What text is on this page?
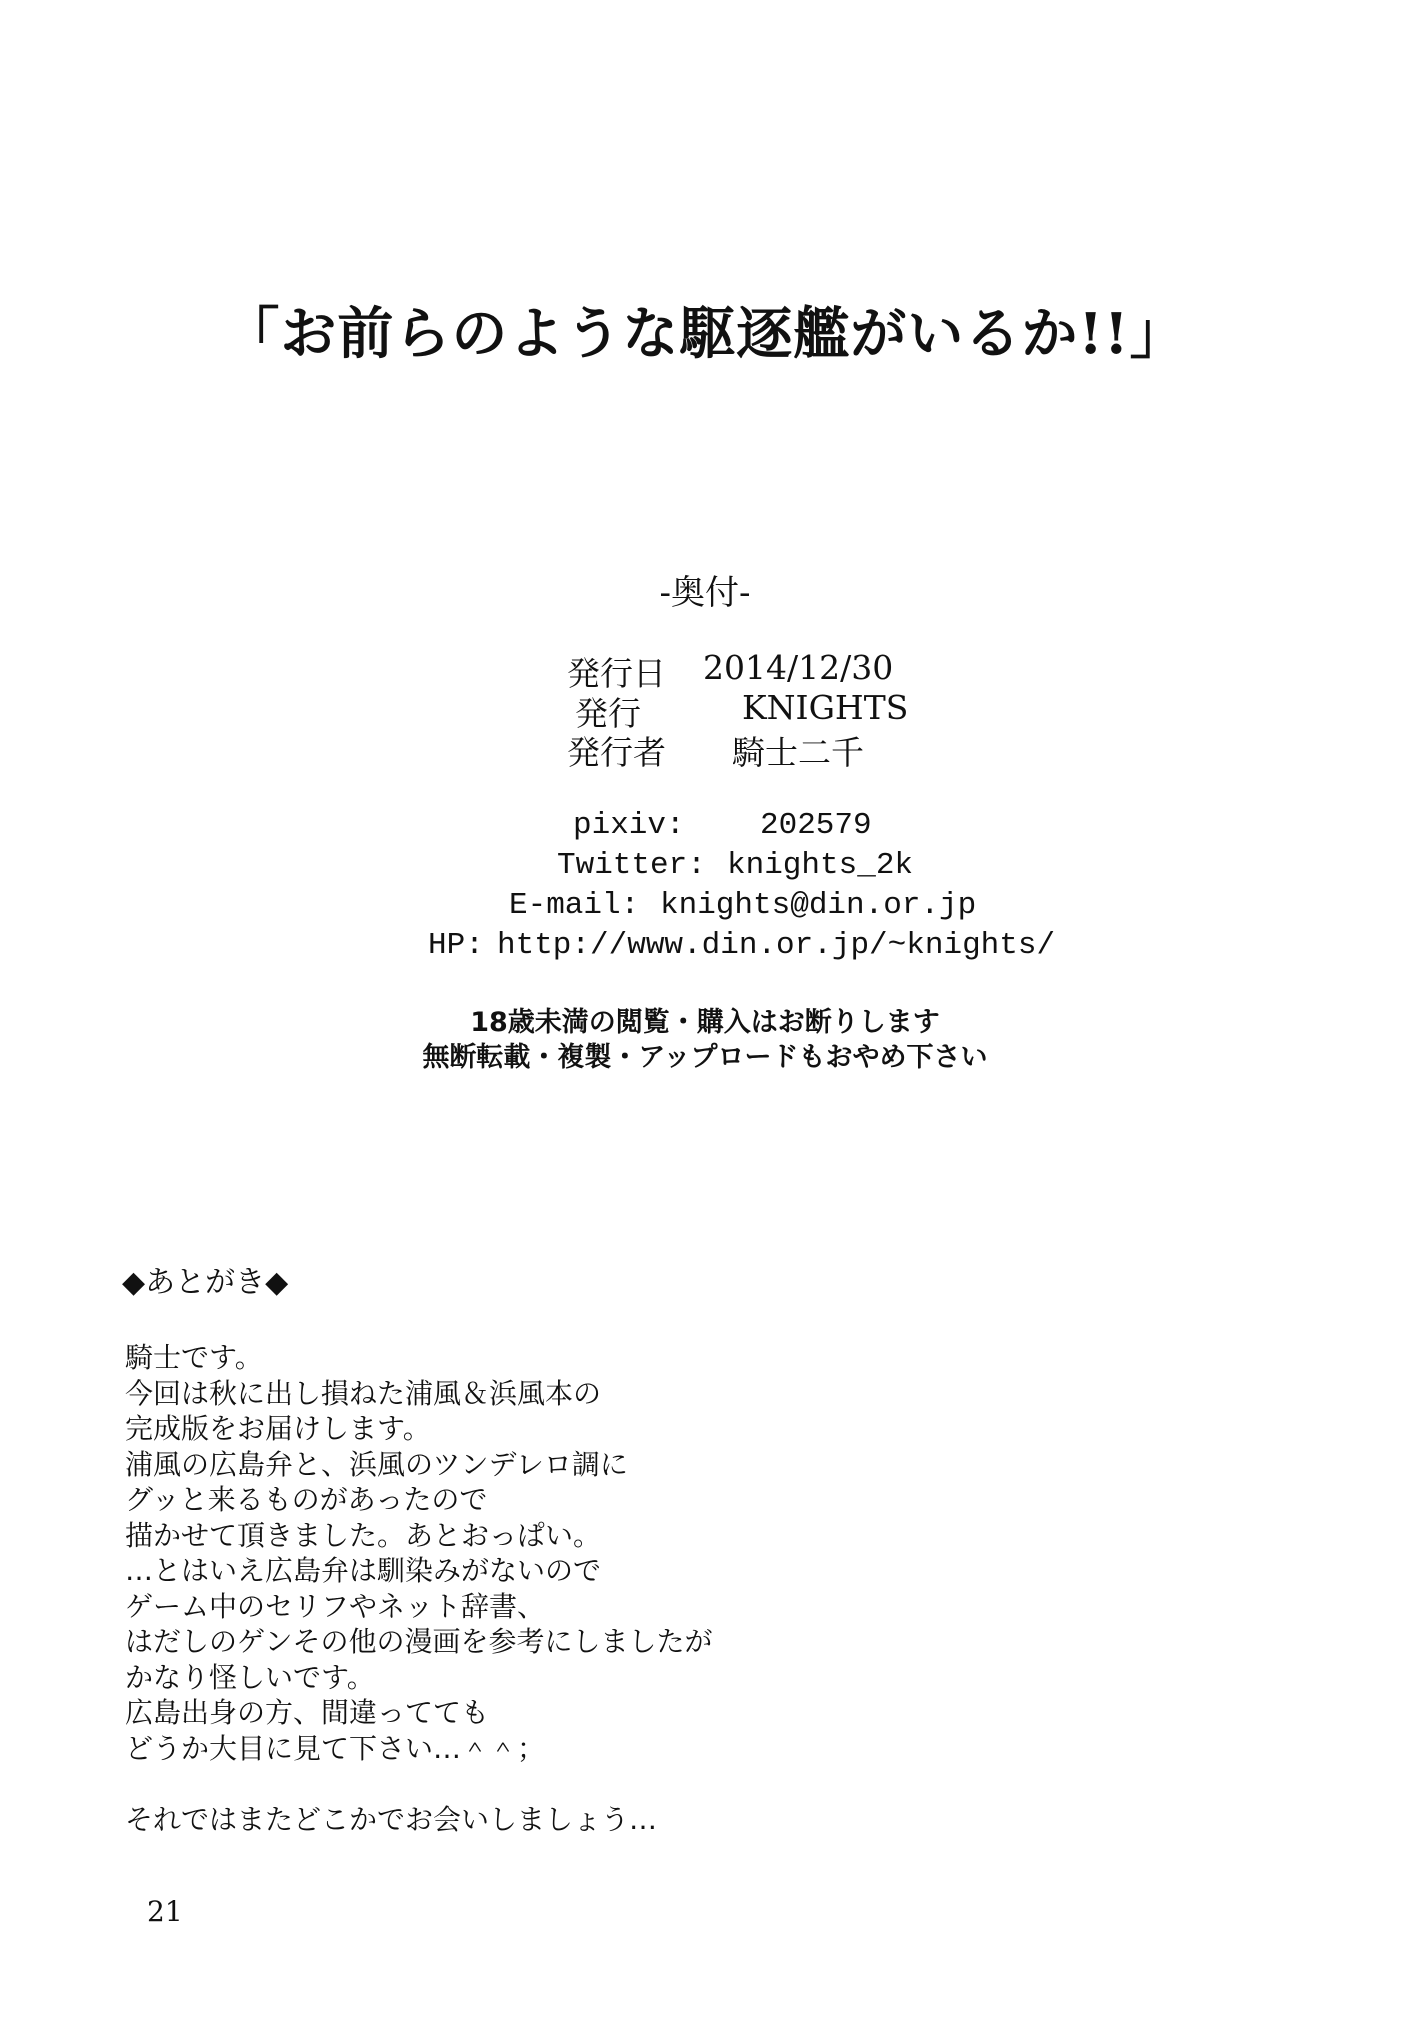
「お前らのような駆逐艦がいるか!!」
-奥付-
発行日 2014/12/30
発行	KNIGHTS
発行者 騎士二千
pixiv: 202579
Twitter: knights_2k
E-mail: knights@din.or.jp
HP: http://www.din.or.jp/~knights/
18歳未満の閲覧・購入はお断りします
無断転載・複製・アップロードもおやめ下さい
◆あとがき◆
騎士です。
今回は秋に出し損ねた浦風＆浜風本の
完成版をお届けします。
浦風の広島弁と、浜風のツンデレロ調に
グッと来るものがあったので
描かせて頂きました。あとおっぱい。
…とはいえ広島弁は馴染みがないので
ゲーム中のセリフやネット辞書、
はだしのゲンその他の漫画を参考にしましたが
かなり怪しいです。
広島出身の方、間違ってても
どうか大目に見て下さい…＾＾；
それではまたどこかでお会いしましょう…
21
